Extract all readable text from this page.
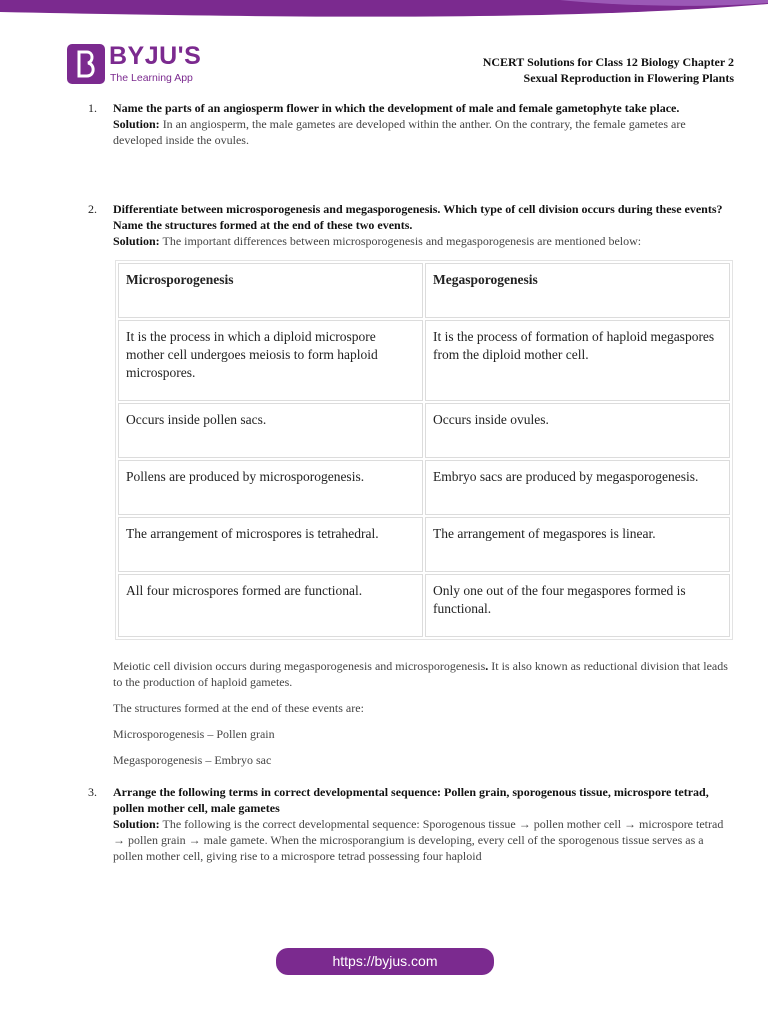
BYJU'S
The Learning App
NCERT Solutions for Class 12 Biology Chapter 2
Sexual Reproduction in Flowering Plants
1. Name the parts of an angiosperm flower in which the development of male and female gametophyte take place.
Solution: In an angiosperm, the male gametes are developed within the anther. On the contrary, the female gametes are developed inside the ovules.
2. Differentiate between microsporogenesis and megasporogenesis. Which type of cell division occurs during these events? Name the structures formed at the end of these two events.
Solution: The important differences between microsporogenesis and megasporogenesis are mentioned below:
Microsporogenesis	Megasporogenesis
It is the process in which a diploid microspore mother cell undergoes meiosis to form haploid microspores.	It is the process of formation of haploid megaspores from the diploid mother cell.
Occurs inside pollen sacs.	Occurs inside ovules.
Pollens are produced by microsporogenesis.	Embryo sacs are produced by megasporogenesis.
The arrangement of microspores is tetrahedral.	The arrangement of megaspores is linear.
All four microspores formed are functional.	Only one out of the four megaspores formed is functional.

Meiotic cell division occurs during megasporogenesis and microsporogenesis. It is also known as reductional division that leads to the production of haploid gametes.

The structures formed at the end of these events are:

Microsporogenesis – Pollen grain

Megasporogenesis – Embryo sac

3. Arrange the following terms in correct developmental sequence: Pollen grain, sporogenous tissue, microspore tetrad, pollen mother cell, male gametes
Solution: The following is the correct developmental sequence: Sporogenous tissue → pollen mother cell → microspore tetrad → pollen grain → male gamete. When the microsporangium is developing, every cell of the sporogenous tissue serves as a pollen mother cell, giving rise to a microspore tetrad possessing four haploid
https://byjus.com
